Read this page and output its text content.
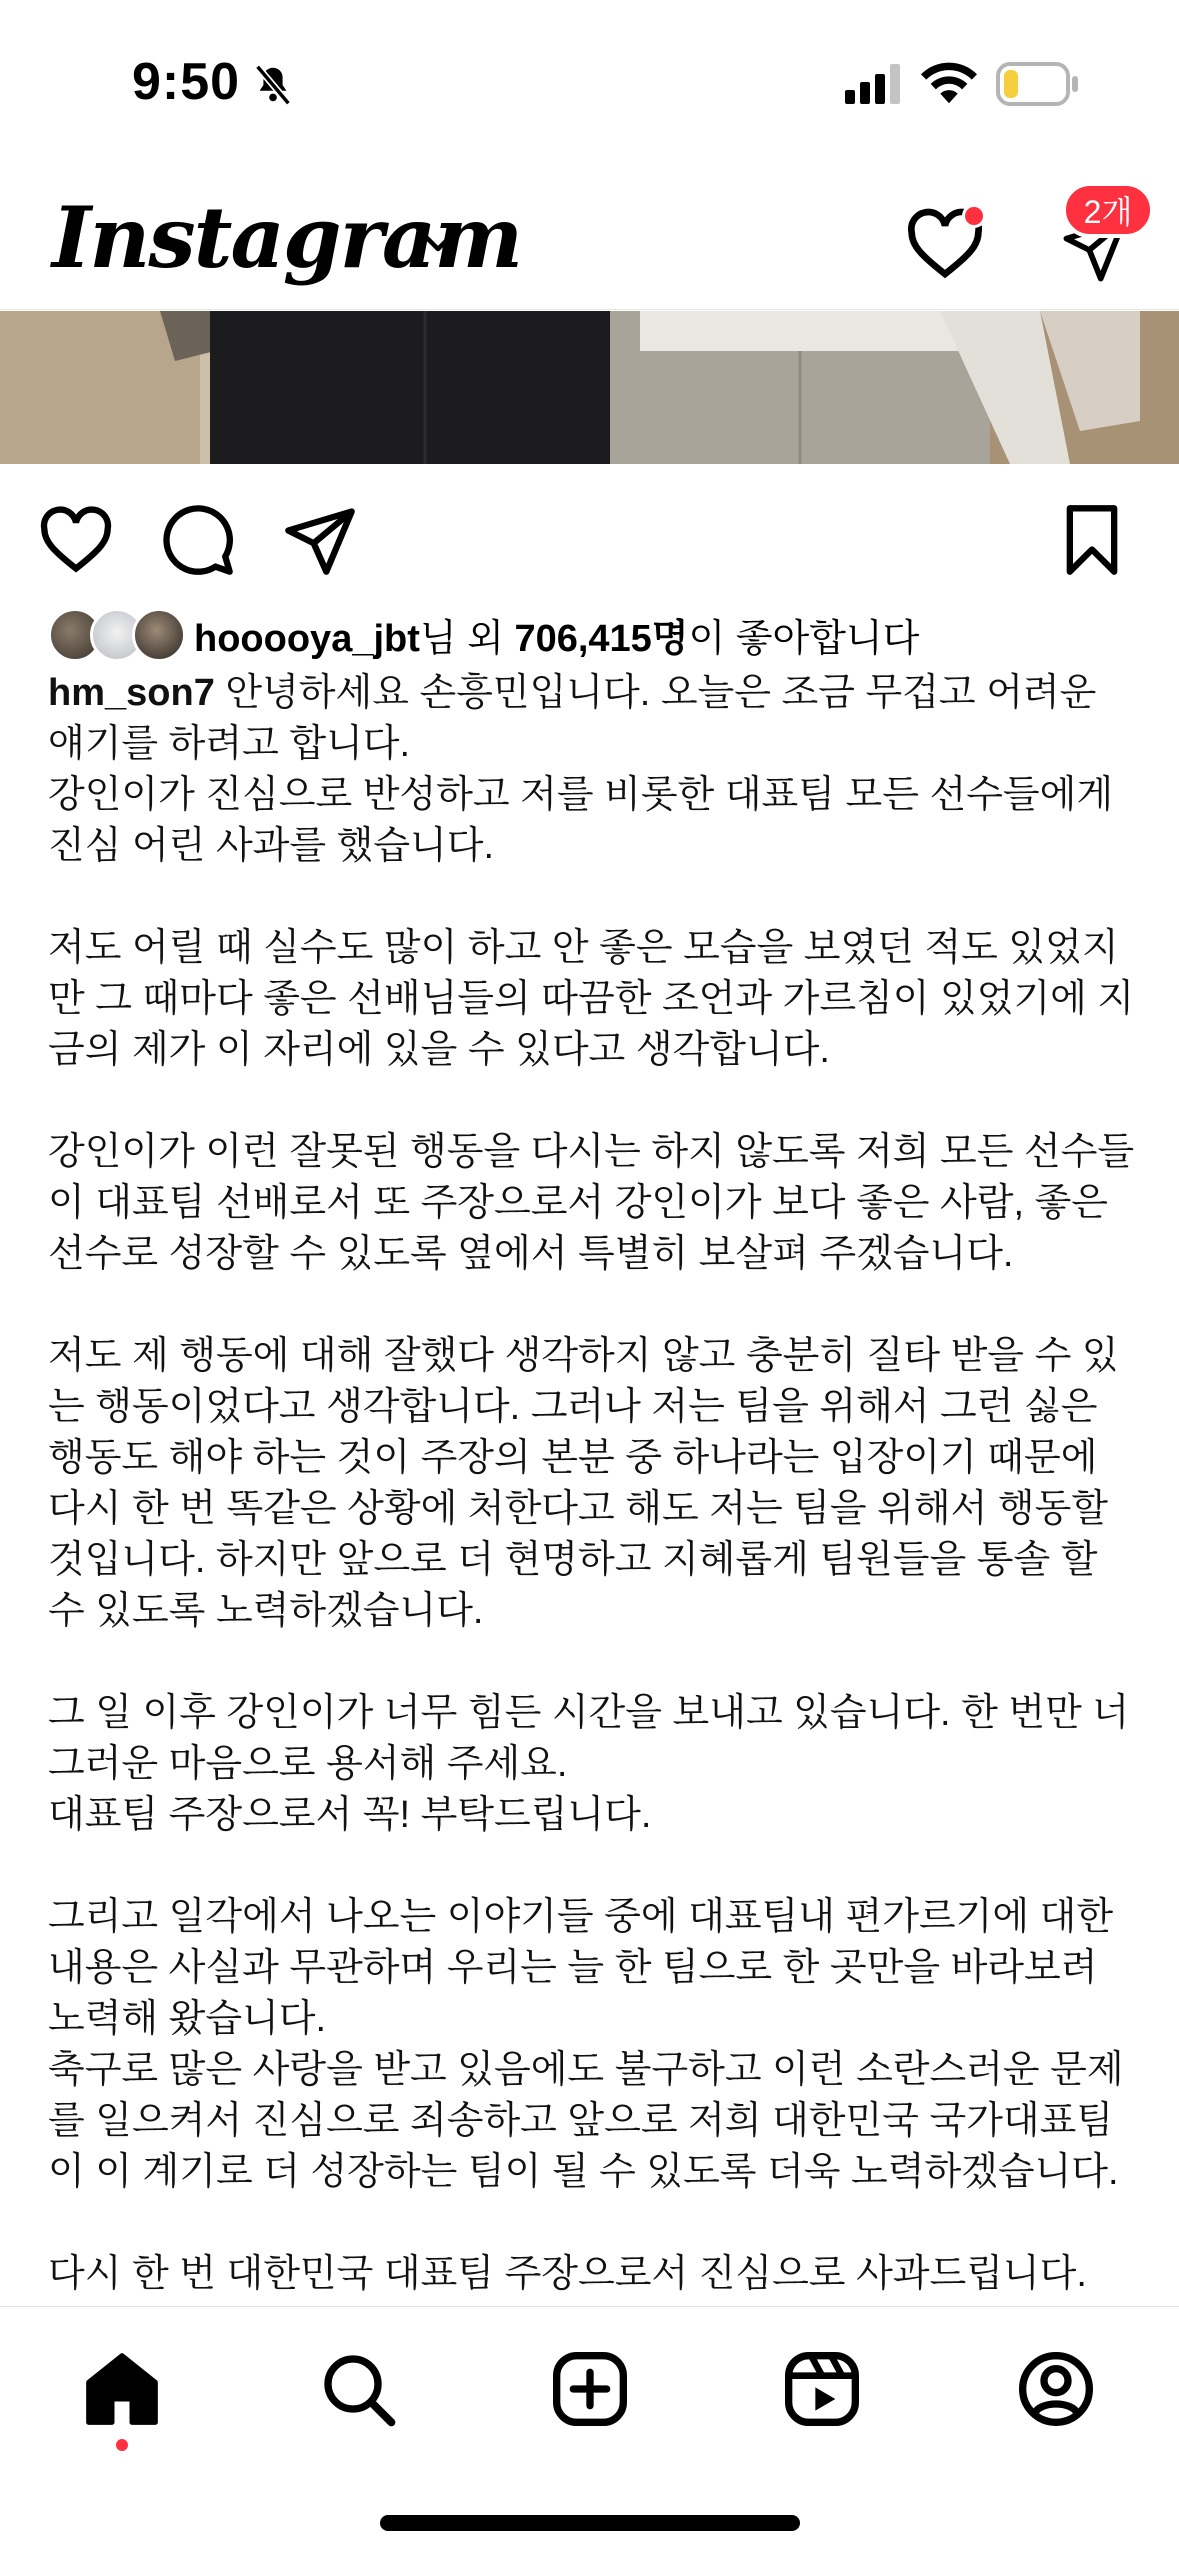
9:50
Instagram	2개
hooooya_jbt님 외 706,415명이 좋아합니다

hm_son7 안녕하세요 손흥민입니다. 오늘은 조금 무겁고 어려운 얘기를 하려고 합니다.

강인이가 진심으로 반성하고 저를 비롯한 대표팀 모든 선수들에게 진심 어린 사과를 했습니다.

저도 어릴 때 실수도 많이 하고 안 좋은 모습을 보였던 적도 있었지만 그 때마다 좋은 선배님들의 따끔한 조언과 가르침이 있었기에 지금의 제가 이 자리에 있을 수 있다고 생각합니다.

강인이가 이런 잘못된 행동을 다시는 하지 않도록 저희 모든 선수들이 대표팀 선배로서 또 주장으로서 강인이가 보다 좋은 사람, 좋은 선수로 성장할 수 있도록 옆에서 특별히 보살펴 주겠습니다.

저도 제 행동에 대해 잘했다 생각하지 않고 충분히 질타 받을 수 있는 행동이었다고 생각합니다. 그러나 저는 팀을 위해서 그런 싫은 행동도 해야 하는 것이 주장의 본분 중 하나라는 입장이기 때문에 다시 한 번 똑같은 상황에 처한다고 해도 저는 팀을 위해서 행동할 것입니다. 하지만 앞으로 더 현명하고 지혜롭게 팀원들을 통솔 할 수 있도록 노력하겠습니다.

그 일 이후 강인이가 너무 힘든 시간을 보내고 있습니다. 한 번만 너그러운 마음으로 용서해 주세요.

대표팀 주장으로서 꼭! 부탁드립니다.

그리고 일각에서 나오는 이야기들 중에 대표팀내 편가르기에 대한 내용은 사실과 무관하며 우리는 늘 한 팀으로 한 곳만을 바라보려 노력해 왔습니다.

축구로 많은 사랑을 받고 있음에도 불구하고 이런 소란스러운 문제를 일으켜서 진심으로 죄송하고 앞으로 저희 대한민국 국가대표팀이 이 계기로 더 성장하는 팀이 될 수 있도록 더욱 노력하겠습니다.

다시 한 번 대한민국 대표팀 주장으로서 진심으로 사과드립니다.
